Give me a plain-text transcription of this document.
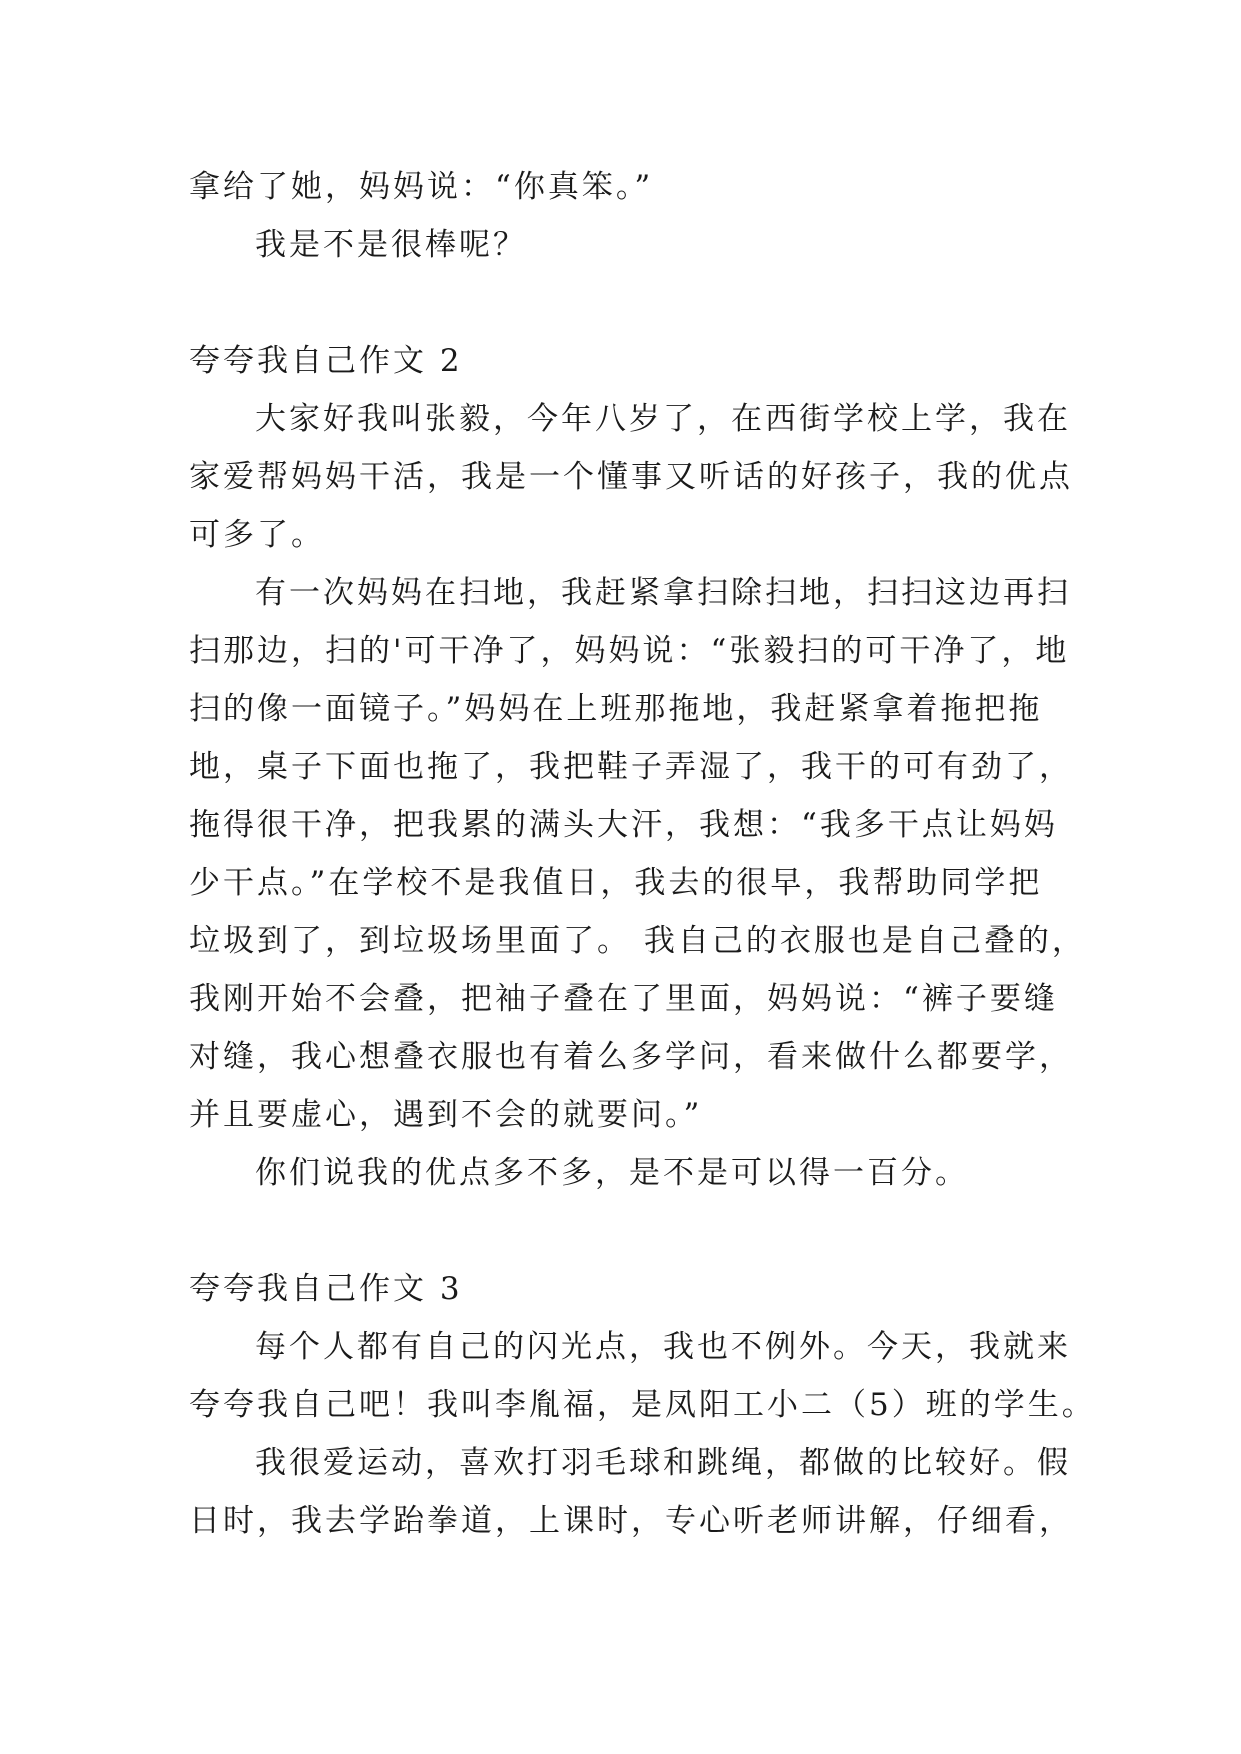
拿给了她，妈妈说：“你真笨。”

我是不是很棒呢？

夸夸我自己作文 2

大家好我叫张毅，今年八岁了，在西街学校上学，我在

家爱帮妈妈干活，我是一个懂事又听话的好孩子，我的优点

可多了。

有一次妈妈在扫地，我赶紧拿扫除扫地，扫扫这边再扫

扫那边，扫的'可干净了，妈妈说：“张毅扫的可干净了，地

扫的像一面镜子。”妈妈在上班那拖地，我赶紧拿着拖把拖

地，桌子下面也拖了，我把鞋子弄湿了，我干的可有劲了，

拖得很干净，把我累的满头大汗，我想：“我多干点让妈妈

少干点。”在学校不是我值日，我去的很早，我帮助同学把

垃圾到了，到垃圾场里面了。 我自己的衣服也是自己叠的，

我刚开始不会叠，把袖子叠在了里面，妈妈说：“裤子要缝

对缝，我心想叠衣服也有着么多学问，看来做什么都要学，

并且要虚心，遇到不会的就要问。”

你们说我的优点多不多，是不是可以得一百分。

夸夸我自己作文 3

每个人都有自己的闪光点，我也不例外。今天，我就来

夸夸我自己吧！我叫李胤福，是凤阳工小二（5）班的学生。

我很爱运动，喜欢打羽毛球和跳绳，都做的比较好。假

日时，我去学跆拳道，上课时，专心听老师讲解，仔细看，
